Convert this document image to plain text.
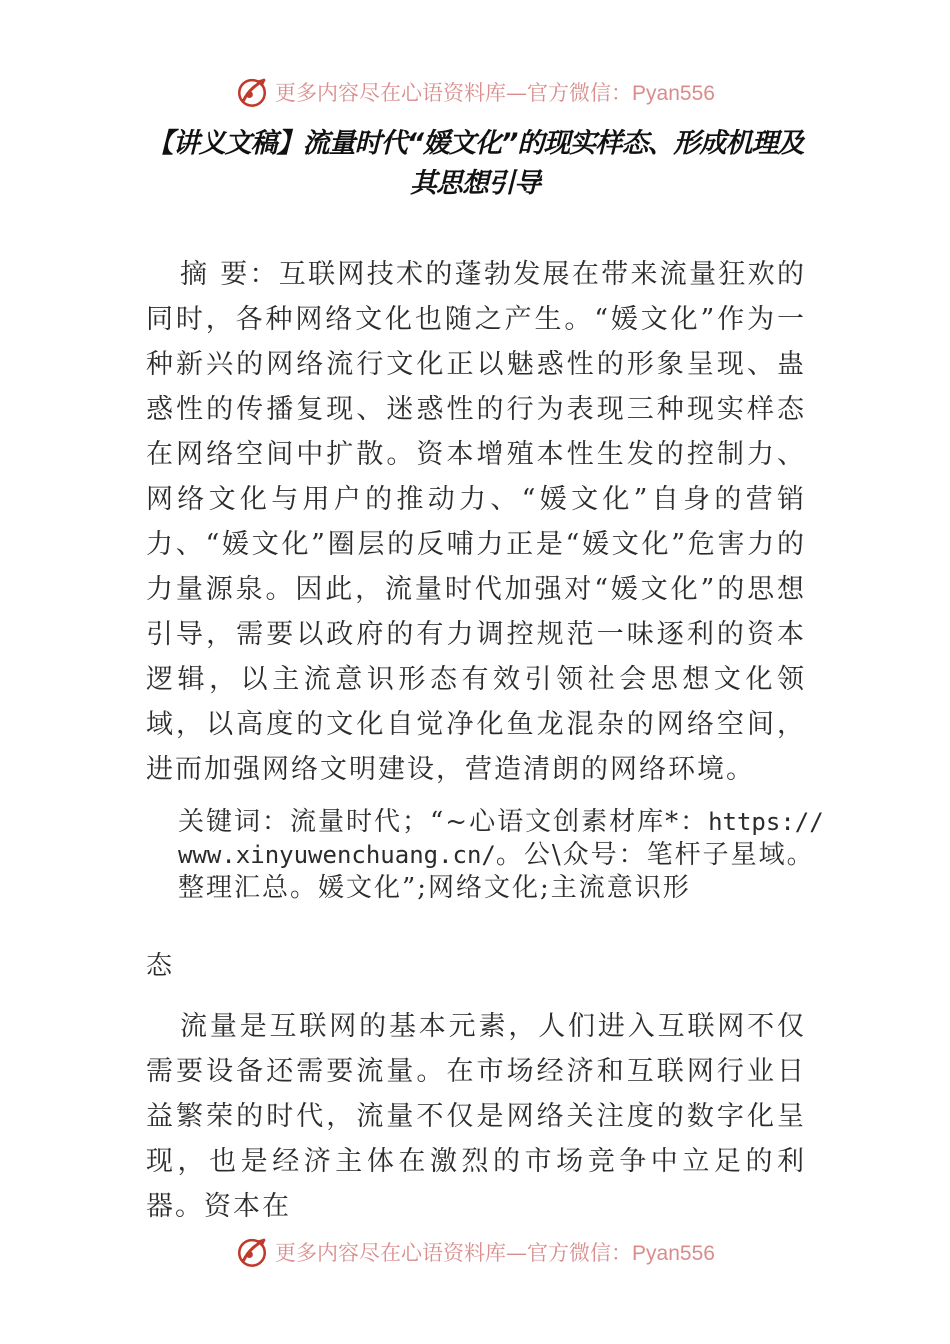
更多内容尽在心语资料库—官方微信：Pyan556
【讲义文稿】流量时代“媛文化”的现实样态、形成机理及其思想引导

摘 要：互联网技术的蓬勃发展在带来流量狂欢的同时，各种网络文化也随之产生。“媛文化”作为一种新兴的网络流行文化正以魅惑性的形象呈现、蛊惑性的传播复现、迷惑性的行为表现三种现实样态在网络空间中扩散。资本增殖本性生发的控制力、网络文化与用户的推动力、“媛文化”自身的营销力、“媛文化”圈层的反哺力正是“媛文化”危害力的力量源泉。因此，流量时代加强对“媛文化”的思想引导，需要以政府的有力调控规范一味逐利的资本逻辑，以主流意识形态有效引领社会思想文化领域，以高度的文化自觉净化鱼龙混杂的网络空间，进而加强网络文明建设，营造清朗的网络环境。

关键词：流量时代；“~心语文创素材库*：https://www.xinyuwenchuang.cn/。公\众号：笔杆子星域。整理汇总。媛文化”;网络文化;主流意识形

态

流量是互联网的基本元素，人们进入互联网不仅需要设备还需要流量。在市场经济和互联网行业日益繁荣的时代，流量不仅是网络关注度的数字化呈现，也是经济主体在激烈的市场竞争中立足的利器。资本在

更多内容尽在心语资料库—官方微信：Pyan556
